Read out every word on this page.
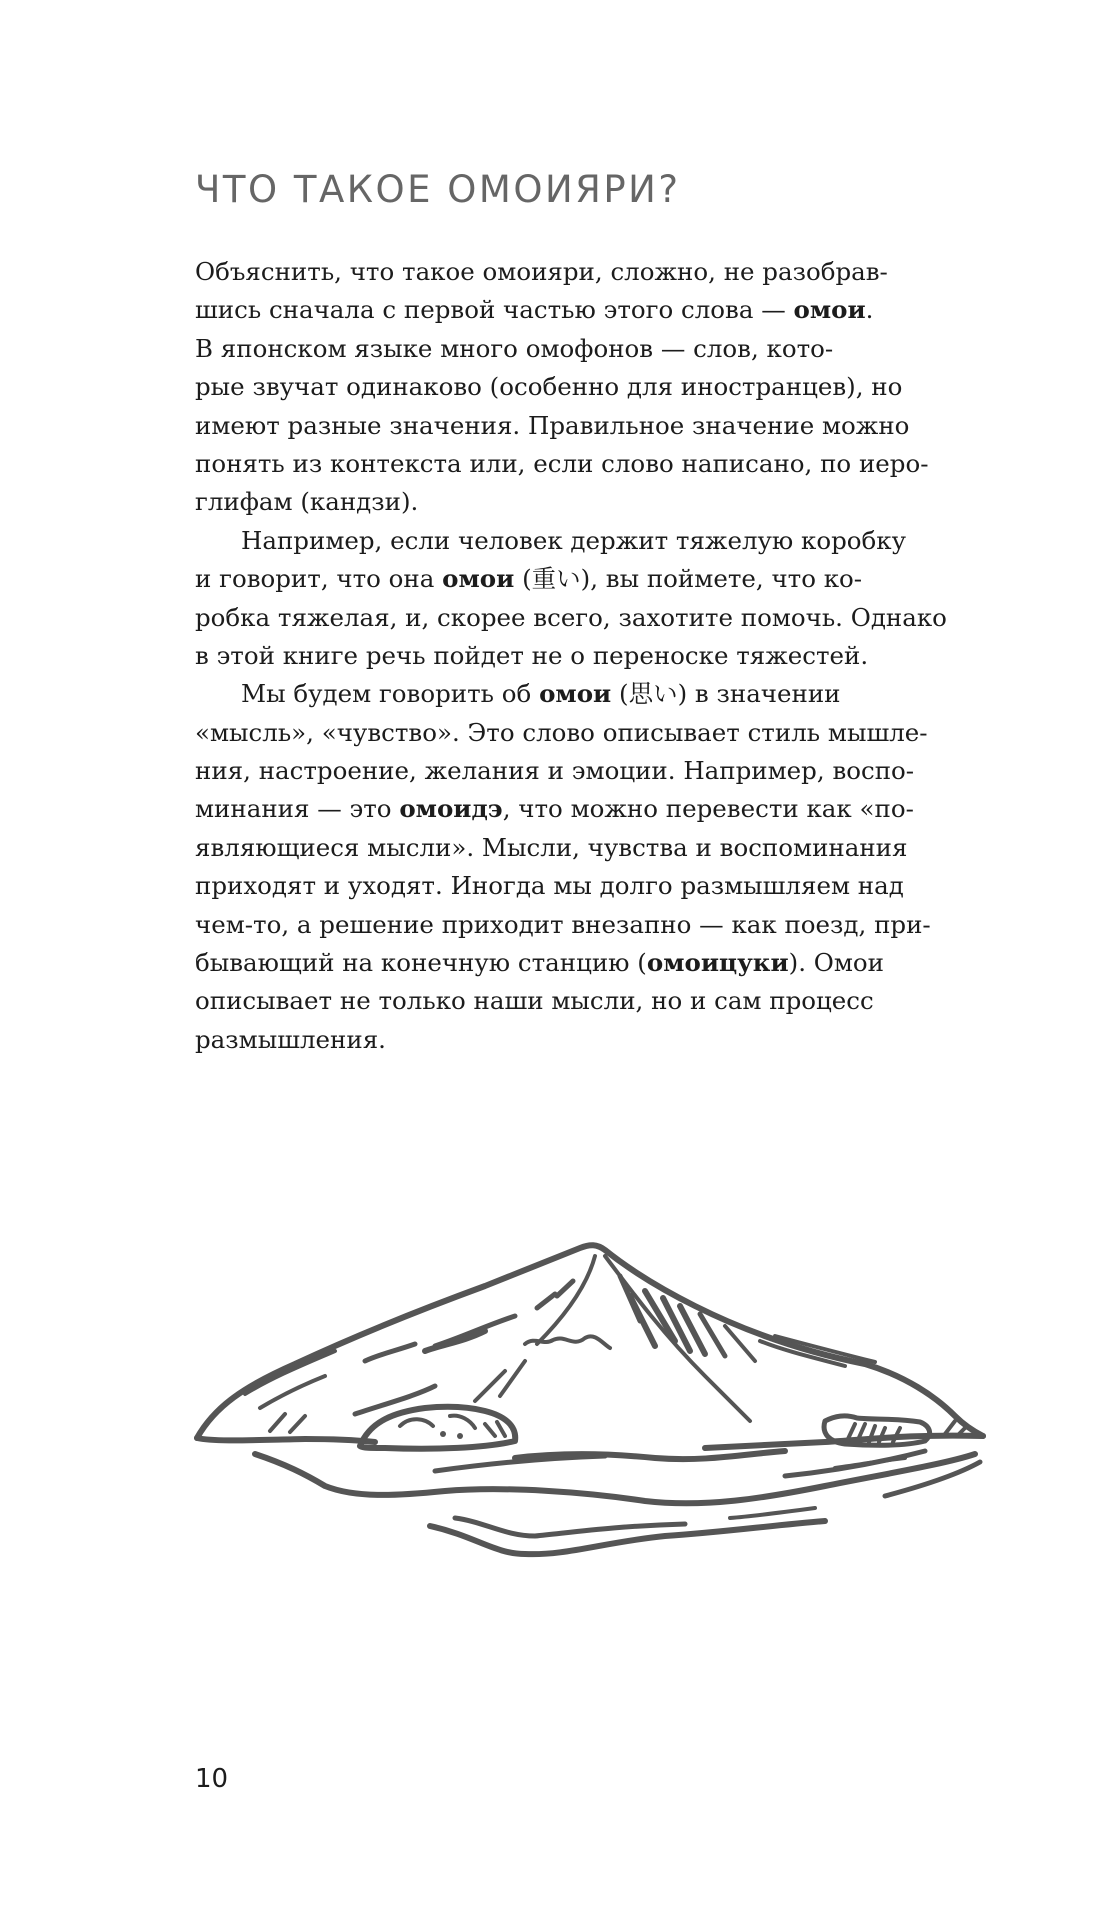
ЧТО ТАКОЕ ОМОИЯРИ?
Объяснить, что такое омоияри, сложно, не разобрав-
шись сначала с первой частью этого слова — омои.
В японском языке много омофонов — слов, кото-
рые звучат одинаково (особенно для иностранцев), но
имеют разные значения. Правильное значение можно
понять из контекста или, если слово написано, по иеро-
глифам (кандзи).
Например, если человек держит тяжелую коробку
и говорит, что она омои (重い), вы поймете, что ко-
робка тяжелая, и, скорее всего, захотите помочь. Однако
в этой книге речь пойдет не о переноске тяжестей.
Мы будем говорить об омои (思い) в значении
«мысль», «чувство». Это слово описывает стиль мышле-
ния, настроение, желания и эмоции. Например, воспо-
минания — это омоидэ, что можно перевести как «по-
являющиеся мысли». Мысли, чувства и воспоминания
приходят и уходят. Иногда мы долго размышляем над
чем-то, а решение приходит внезапно — как поезд, при-
бывающий на конечную станцию (омоицуки). Омои
описывает не только наши мысли, но и сам процесс
размышления.
10
